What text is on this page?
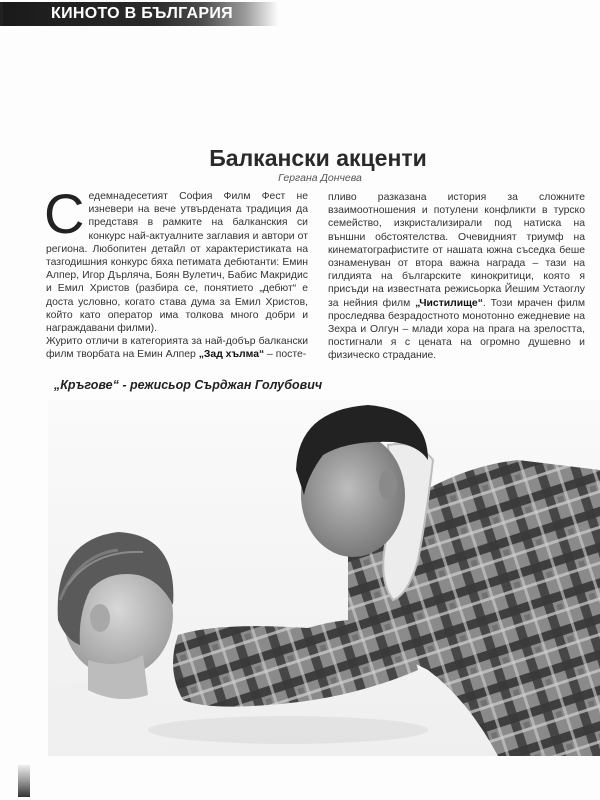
КИНОТО В БЪЛГАРИЯ
Балкански акценти
Гергана Дончева

Седемнадесетият София Филм Фест не изневери на вече утвърдената традиция да представя в рамките на балканския си конкурс най-актуалните заглавия и автори от региона. Любопитен детайл от характеристиката на тазгодишния конкурс бяха петимата дебютанти: Емин Алпер, Игор Дърляча, Боян Вулетич, Бабис Макридис и Емил Христов (разбира се, понятието „дебют“ е доста условно, когато става дума за Емил Христов, който като оператор има толкова много добри и награждавани филми).

Журито отличи в категорията за най-добър балкански филм творбата на Емин Алпер „Зад хълма“ – посте-

пливо разказана история за сложните взаимоотношения и потулени конфликти в турско семейство, изкристализирали под натиска на външни обстоятелства. Очевидният триумф на кинематографистите от нашата южна съседка беше ознаменуван от втора важна награда – тази на гилдията на българските кинокритици, която я присъди на известната режисьорка Йешим Устаоглу за нейния филм „Чистилище“. Този мрачен филм проследява безрадостното монотонно ежедневие на Зехра и Олгун – млади хора на прага на зрелостта, постигнали я с цената на огромно душевно и физическо страдание.

„Кръгове“ - режисьор Сърджан Голубович
16
